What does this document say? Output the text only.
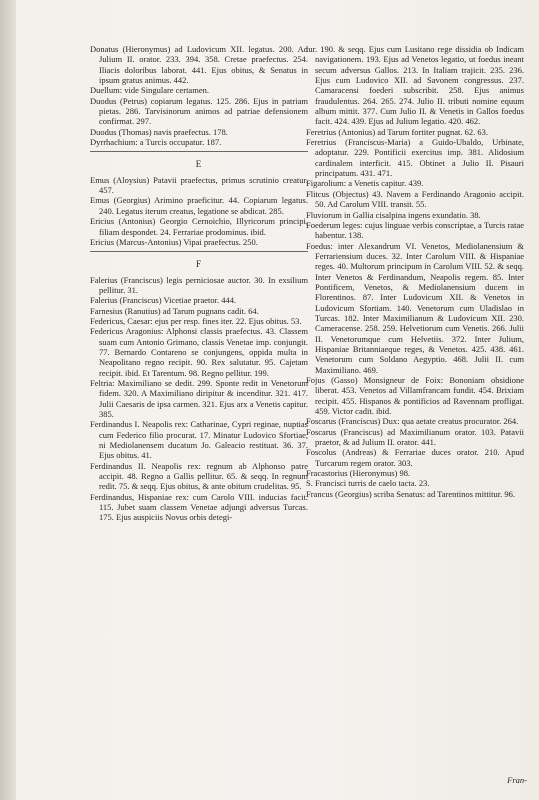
Donatus (Hieronymus) ad Ludovicum XII. legatus. 200. Ad Julium II. orator. 233. 394. 358. Cretae praefectus. 254. Iliacis doloribus laborat. 441. Ejus obitus, & Senatus in ipsum gratus animus. 442.

Duellum: vide Singulare certamen.

Duodus (Petrus) copiarum legatus. 125. 286. Ejus in patriam pietas. 286. Tarvisinorum animos ad patriae defensionem confirmat. 297.

Duodus (Thomas) navis praefectus. 178.

Dyrrhachium: a Turcis occupatur. 187.

E

Emus (Aloysius) Patavii praefectus, primus scrutinio creatur. 457.

Emus (Georgius) Arimino praeficitur. 44. Copiarum legatus. 240. Legatus iterum creatus, legatione se abdicat. 285.

Ericius (Antonius) Georgio Cernoichio, Illyricorum principi, filiam despondet. 24. Ferrariae prodominus. ibid.

Ericius (Marcus-Antonius) Vipai praefectus. 250.

F

Falerius (Franciscus) legis perniciosae auctor. 30. In exsilium pellitur. 31.

Falerius (Franciscus) Vicetiae praetor. 444.

Farnesius (Ranutius) ad Tarum pugnans cadit. 64.

Federicus, Caesar: ejus per resp. fines iter. 22. Ejus obitus. 53.

Federicus Aragonius: Alphonsi classis praefectus. 43. Classem suam cum Antonio Grimano, classis Venetae imp. conjungit. 77. Bernardo Contareno se conjungens, oppida multa in Neapolitano regno recipit. 90. Rex salutatur. 95. Cajetam recipit. ibid. Et Tarentum. 98. Regno pellitur. 199.

Feltria: Maximiliano se dedit. 299. Sponte redit in Venetorum fidem. 320. A Maximiliano diripitur & incenditur. 321. 417. Julii Caesaris de ipsa carmen. 321. Ejus arx a Venetis capitur. 385.

Ferdinandus I. Neapolis rex: Catharinae, Cypri reginae, nuptias cum Federico filio procurat. 17. Minatur Ludovico Sfortiae, ni Mediolanensem ducatum Jo. Galeacio restituat. 36. 37. Ejus obitus. 41.

Ferdinandus II. Neapolis rex: regnum ab Alphonso patre accipit. 48. Regno a Gallis pellitur. 65. & seqq. In regnum redit. 75. & seqq. Ejus obitus, & ante obitum crudelitas. 95.

Ferdinandus, Hispaniae rex: cum Carolo VIII. inducias facit. 115. Jubet suam classem Venetae adjungi adversus Turcas. 175. Ejus auspiciis Novus orbis detegi-

tur. 190. & seqq. Ejus cum Lusitano rege dissidia ob Indicam navigationem. 193. Ejus ad Venetos legatio, ut foedus ineant secum adversus Gallos. 213. In Italiam trajicit. 235. 236. Ejus cum Ludovico XII. ad Savonem congressus. 237. Camaracensi foederi subscribit. 258. Ejus animus fraudulentus. 264. 265. 274. Julio II. tributi nomine equum album mittit. 377. Cum Julio II. & Venetis in Gallos foedus facit. 424. 439. Ejus ad Julium legatio. 420. 462.

Feretrius (Antonius) ad Tarum fortiter pugnat. 62. 63.

Feretrius (Franciscus-Maria) a Guido-Ubaldo, Urbinate, adoptatur. 229. Pontificii exercitus imp. 381. Alidosium cardinalem interficit. 415. Obtinet a Julio II. Pisauri principatum. 431. 471.

Figarolium: a Venetis capitur. 439.

Flitcus (Objectus) 43. Navem a Ferdinando Aragonio accipit. 50. Ad Carolum VIII. transit. 55.

Fluviorum in Gallia cisalpina ingens exundatio. 38.

Foederum leges: cujus linguae verbis conscriptae, a Turcis ratae habentur. 138.

Foedus: inter Alexandrum VI. Venetos, Mediolanensium & Ferrariensium duces. 32. Inter Carolum VIII. & Hispaniae reges. 40. Multorum principum in Carolum VIII. 52. & seqq. Inter Venetos & Ferdinandum, Neapolis regem. 85. Inter Pontificem, Venetos, & Mediolanensium ducem in Florentinos. 87. Inter Ludovicum XII. & Venetos in Ludovicum Sfortiam. 140. Venetorum cum Uladislao in Turcas. 182. Inter Maximilianum & Ludovicum XII. 230. Cameracense. 258. 259. Helvetiorum cum Venetis. 266. Julii II. Venetorumque cum Helvetiis. 372. Inter Julium, Hispaniae Britanniaeque reges, & Venetos. 425. 438. 461. Venetorum cum Soldano Aegyptio. 468. Julii II. cum Maximiliano. 469.

Fojus (Gasso) Monsigneur de Foix: Bononiam obsidione liberat. 453. Venetos ad Villamfrancam fundit. 454. Brixiam recipit. 455. Hispanos & pontificios ad Ravennam profligat. 459. Victor cadit. ibid.

Foscarus (Franciscus) Dux: qua aetate creatus procurator. 264.

Foscarus (Franciscus) ad Maximilianum orator. 103. Patavii praetor, & ad Julium II. orator. 441.

Foscolus (Andreas) & Ferrariae duces orator. 210. Apud Turcarum regem orator. 303.

Fracastorius (Hieronymus) 98.

S. Francisci turris de caelo tacta. 23.

Francus (Georgius) scriba Senatus: ad Tarentinos mittitur. 96.

Fran-
